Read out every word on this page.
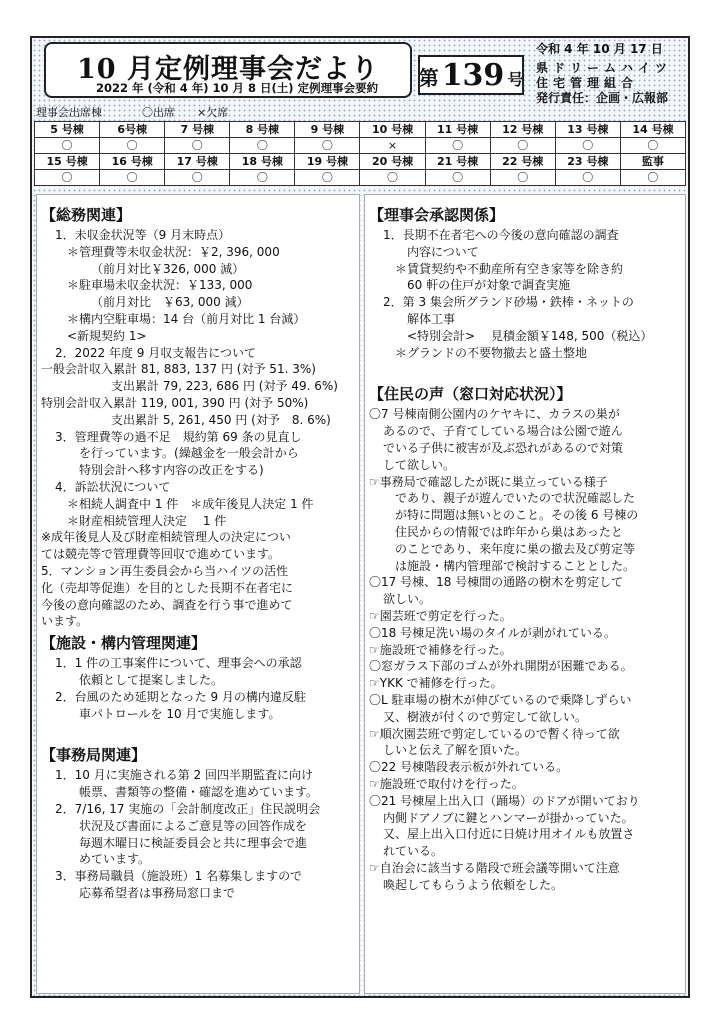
10 月定例理事会だより
2022 年 (令和 4 年) 10 月 8 日(土) 定例理事会要約 第 139 号
令和 4 年 10 月 17 日
県ドリームハイツ
住宅管理組合
発行責任：企画・広報部
理事会出席棟	〇出席 ×欠席
5 号棟	6号棟	7 号棟	8 号棟	9 号棟	10 号棟	11 号棟	12 号棟	13 号棟	14 号棟
〇	〇	〇	〇	〇	×	〇	〇	〇	〇
15 号棟	16 号棟	17 号棟	18 号棟	19 号棟	20 号棟	21 号棟	22 号棟	23 号棟	監事
〇	〇	〇	〇	〇	〇	〇	〇	〇	〇
【総務関連】
1．未収金状況等（9 月末時点）
＊管理費等未収金状況：￥2, 396, 000
（前月対比￥326, 000 減）
＊駐車場未収金状況：￥133, 000
（前月対比　￥63, 000 減）
＊構内空駐車場：14 台（前月対比 1 台減）
<新規契約 1>
2．2022 年度 9 月収支報告について
一般会計収入累計 81, 883, 137 円 (対予 51. 3%)
支出累計 79, 223, 686 円 (対予 49. 6%)
特別会計収入累計 119, 001, 390 円 (対予 50%)
支出累計 5, 261, 450 円 (対予　8. 6%)
3．管理費等の過不足　規約第 69 条の見直し
を行っています。(繰越金を一般会計から
特別会計へ移す内容の改正をする)
4．訴訟状況について
＊相続人調査中 1 件　＊成年後見人決定 1 件
＊財産相続管理人決定　 1 件
※成年後見人及び財産相続管理人の決定につい
ては競売等で管理費等回収で進めています。
5．マンション再生委員会から当ハイツの活性
化（売却等促進）を目的とした長期不在者宅に
今後の意向確認のため、調査を行う事で進めて
います。
【施設・構内管理関連】
1．1 件の工事案件について、理事会への承認
依頼として提案しました。
2．台風のため延期となった 9 月の構内違反駐
車パトロールを 10 月で実施します。
【事務局関連】
1．10 月に実施される第 2 回四半期監査に向け
帳票、書類等の整備・確認を進めています。
2．7/16, 17 実施の「会計制度改正」住民説明会
状況及び書面によるご意見等の回答作成を
毎週木曜日に検証委員会と共に理事会で進
めています。
3．事務局職員（施設班）1 名募集しますので
応募希望者は事務局窓口まで
【理事会承認関係】
1．長期不在者宅への今後の意向確認の調査
内容について
＊賃貸契約や不動産所有空き家等を除き約
60 軒の住戸が対象で調査実施
2．第 3 集会所グランド砂場・鉄棒・ネットの
解体工事
<特別会計>　 見積金額￥148, 500（税込）
＊グランドの不要物撤去と盛土整地
【住民の声（窓口対応状況）】
〇7 号棟南側公園内のケヤキに、カラスの巣が
あるので、子育てしている場合は公園で遊ん
でいる子供に被害が及ぶ恐れがあるので対策
して欲しい。
☞事務局で確認したが既に巣立っている様子
であり、親子が遊んでいたので状況確認した
が特に問題は無いとのこと。その後 6 号棟の
住民からの情報では昨年から巣はあったと
のことであり、来年度に巣の撤去及び剪定等
は施設・構内管理部で検討することとした。
〇17 号棟、18 号棟間の通路の樹木を剪定して
欲しい。
☞園芸班で剪定を行った。
〇18 号棟足洗い場のタイルが剥がれている。
☞施設班で補修を行った。
〇窓ガラス下部のゴムが外れ開閉が困難である。
☞YKK で補修を行った。
〇L 駐車場の樹木が伸びているので乗降しずらい
又、樹液が付くので剪定して欲しい。
☞順次園芸班で剪定しているので暫く待って欲
しいと伝え了解を頂いた。
〇22 号棟階段表示板が外れている。
☞施設班で取付けを行った。
〇21 号棟屋上出入口（踊場）のドアが開いており
内側ドアノブに鍵とハンマーが掛かっていた。
又、屋上出入口付近に日焼け用オイルも放置さ
れている。
☞自治会に該当する階段で班会議等開いて注意
喚起してもらうよう依頼をした。
